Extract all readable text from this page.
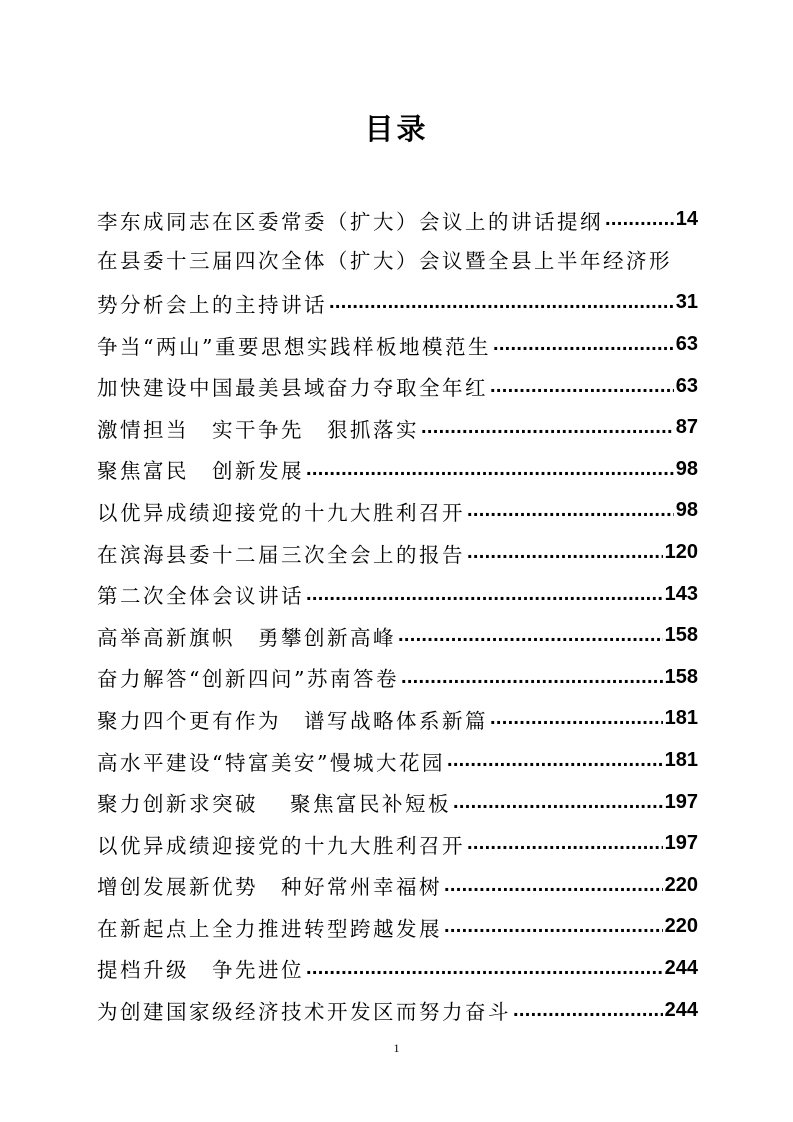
目录
李东成同志在区委常委（扩大）会议上的讲话提纲 .....	14
在县委十三届四次全体（扩大）会议暨全县上半年经济形
势分析会上的主持讲话 .....	31
争当“两山”重要思想实践样板地模范生 .....	63
加快建设中国最美县域奋力夺取全年红 .....	63
激情担当　实干争先　狠抓落实 .....	87
聚焦富民　创新发展 .....	98
以优异成绩迎接党的十九大胜利召开 .....	98
在滨海县委十二届三次全会上的报告 .....	120
第二次全体会议讲话 .....	143
高举高新旗帜　勇攀创新高峰 .....	158
奋力解答“创新四问”苏南答卷 .....	158
聚力四个更有作为　谱写战略体系新篇 .....	181
高水平建设“特富美安”慢城大花园 .....	181
聚力创新求突破　 聚焦富民补短板 .....	197
以优异成绩迎接党的十九大胜利召开 .....	197
增创发展新优势　种好常州幸福树 .....	220
在新起点上全力推进转型跨越发展 .....	220
提档升级　争先进位 .....	244
为创建国家级经济技术开发区而努力奋斗 .....	244
1
